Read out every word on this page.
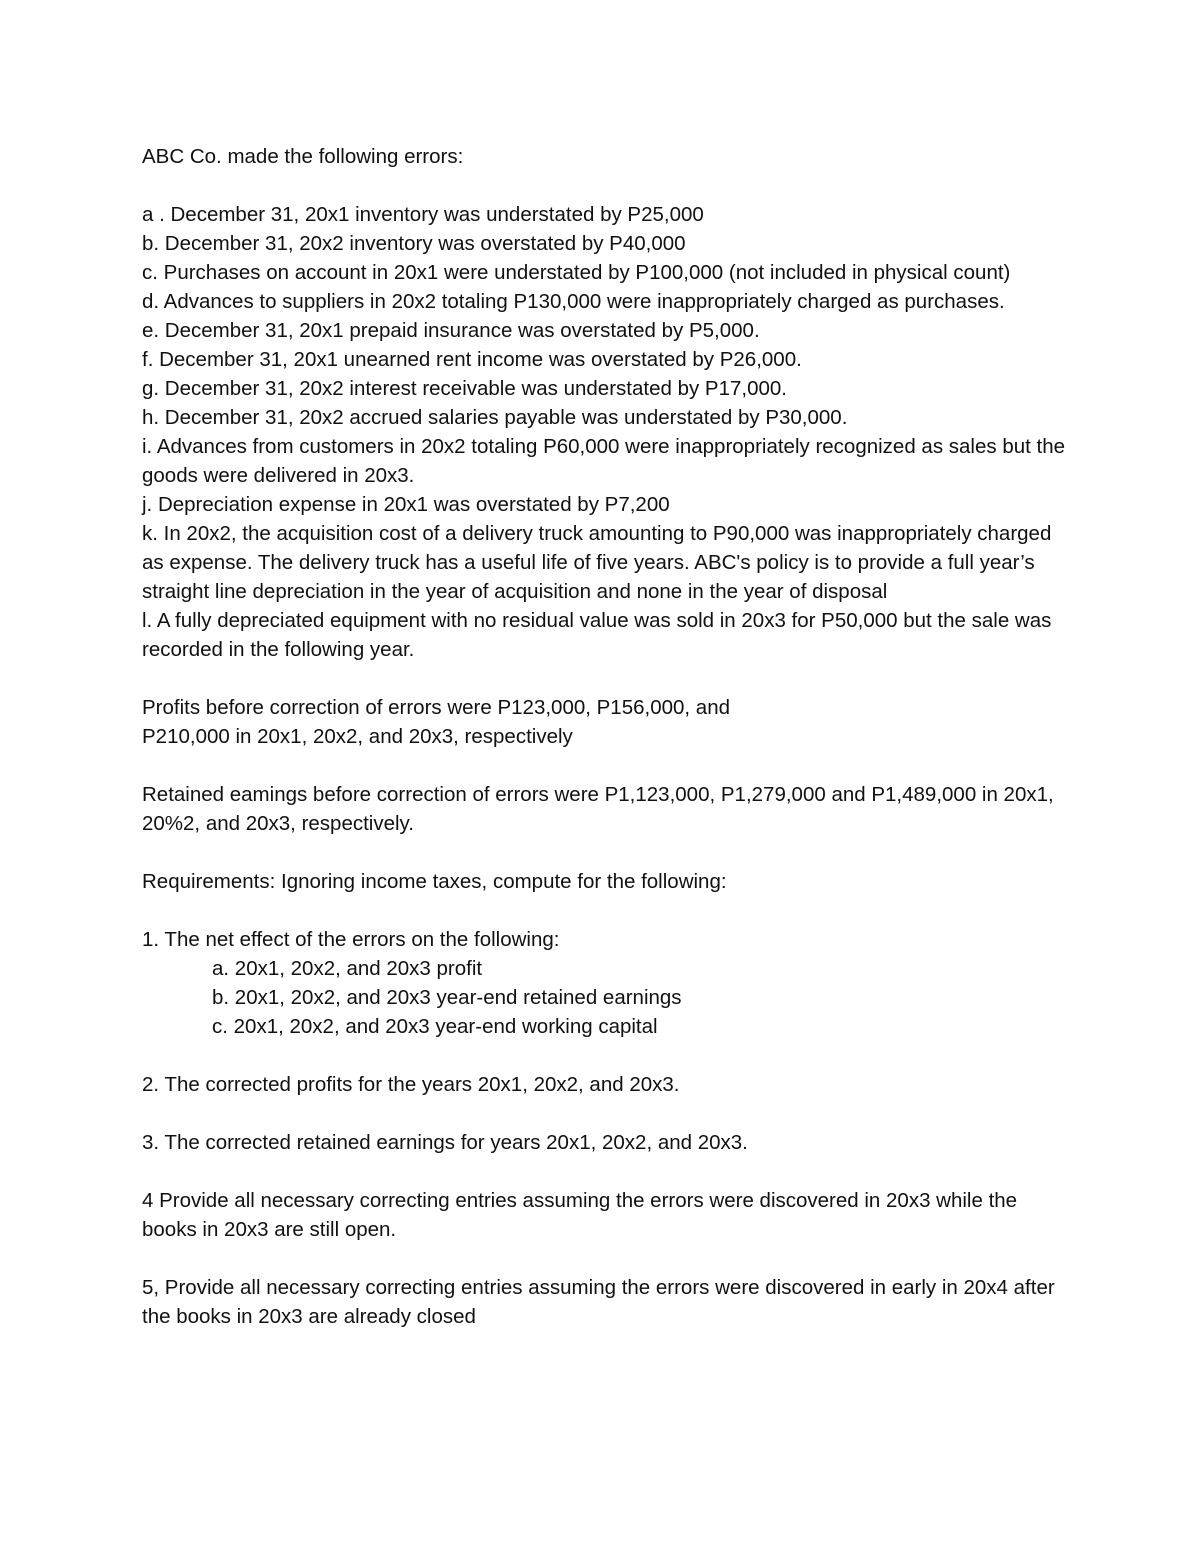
ABC Co. made the following errors:

a . December 31, 20x1 inventory was understated by P25,000

b. December 31, 20x2 inventory was overstated by P40,000

c. Purchases on account in 20x1 were understated by P100,000 (not included in physical count)

d. Advances to suppliers in 20x2 totaling P130,000 were inappropriately charged as purchases.

e. December 31, 20x1 prepaid insurance was overstated by P5,000.

f. December 31, 20x1 unearned rent income was overstated by P26,000.

g. December 31, 20x2 interest receivable was understated by P17,000.

h. December 31, 20x2 accrued salaries payable was understated by P30,000.

i. Advances from customers in 20x2 totaling P60,000 were inappropriately recognized as sales but the goods were delivered in 20x3.

j. Depreciation expense in 20x1 was overstated by P7,200

k. In 20x2, the acquisition cost of a delivery truck amounting to P90,000 was inappropriately charged as expense. The delivery truck has a useful life of five years. ABC's policy is to provide a full year’s straight line depreciation in the year of acquisition and none in the year of disposal

l. A fully depreciated equipment with no residual value was sold in 20x3 for P50,000 but the sale was recorded in the following year.

Profits before correction of errors were P123,000, P156,000, and

P210,000 in 20x1, 20x2, and 20x3, respectively

Retained eamings before correction of errors were P1,123,000, P1,279,000 and P1,489,000 in 20x1, 20%2, and 20x3, respectively.

Requirements: Ignoring income taxes, compute for the following:

1. The net effect of the errors on the following:

a. 20x1, 20x2, and 20x3 profit

b. 20x1, 20x2, and 20x3 year-end retained earnings

c. 20x1, 20x2, and 20x3 year-end working capital

2. The corrected profits for the years 20x1, 20x2, and 20x3.

3. The corrected retained earnings for years 20x1, 20x2, and 20x3.

4 Provide all necessary correcting entries assuming the errors were discovered in 20x3 while the books in 20x3 are still open.

5, Provide all necessary correcting entries assuming the errors were discovered in early in 20x4 after the books in 20x3 are already closed
